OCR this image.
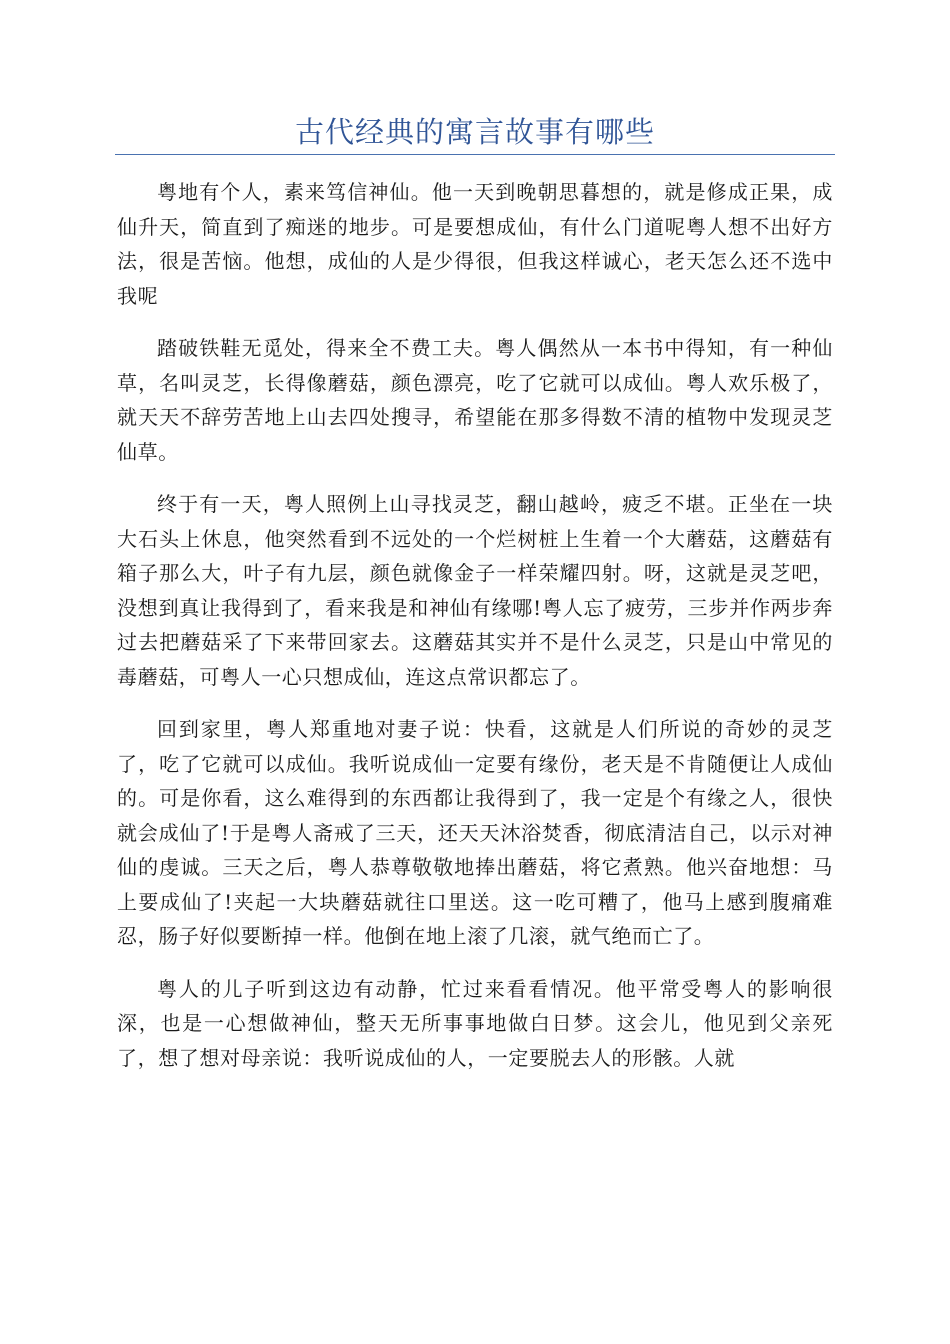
古代经典的寓言故事有哪些

粤地有个人，素来笃信神仙。他一天到晚朝思暮想的，就是修成正果，成仙升天，简直到了痴迷的地步。可是要想成仙，有什么门道呢粤人想不出好方法，很是苦恼。他想，成仙的人是少得很，但我这样诚心，老天怎么还不选中我呢

踏破铁鞋无觅处，得来全不费工夫。粤人偶然从一本书中得知，有一种仙草，名叫灵芝，长得像蘑菇，颜色漂亮，吃了它就可以成仙。粤人欢乐极了，就天天不辞劳苦地上山去四处搜寻，希望能在那多得数不清的植物中发现灵芝仙草。

终于有一天，粤人照例上山寻找灵芝，翻山越岭，疲乏不堪。正坐在一块大石头上休息，他突然看到不远处的一个烂树桩上生着一个大蘑菇，这蘑菇有箱子那么大，叶子有九层，颜色就像金子一样荣耀四射。呀，这就是灵芝吧，没想到真让我得到了，看来我是和神仙有缘哪!粤人忘了疲劳，三步并作两步奔过去把蘑菇采了下来带回家去。这蘑菇其实并不是什么灵芝，只是山中常见的毒蘑菇，可粤人一心只想成仙，连这点常识都忘了。

回到家里，粤人郑重地对妻子说：快看，这就是人们所说的奇妙的灵芝了，吃了它就可以成仙。我听说成仙一定要有缘份，老天是不肯随便让人成仙的。可是你看，这么难得到的东西都让我得到了，我一定是个有缘之人，很快就会成仙了!于是粤人斋戒了三天，还天天沐浴焚香，彻底清洁自己，以示对神仙的虔诚。三天之后，粤人恭尊敬敬地捧出蘑菇，将它煮熟。他兴奋地想：马上要成仙了!夹起一大块蘑菇就往口里送。这一吃可糟了，他马上感到腹痛难忍，肠子好似要断掉一样。他倒在地上滚了几滚，就气绝而亡了。

粤人的儿子听到这边有动静，忙过来看看情况。他平常受粤人的影响很深，也是一心想做神仙，整天无所事事地做白日梦。这会儿，他见到父亲死了，想了想对母亲说：我听说成仙的人，一定要脱去人的形骸。人就
